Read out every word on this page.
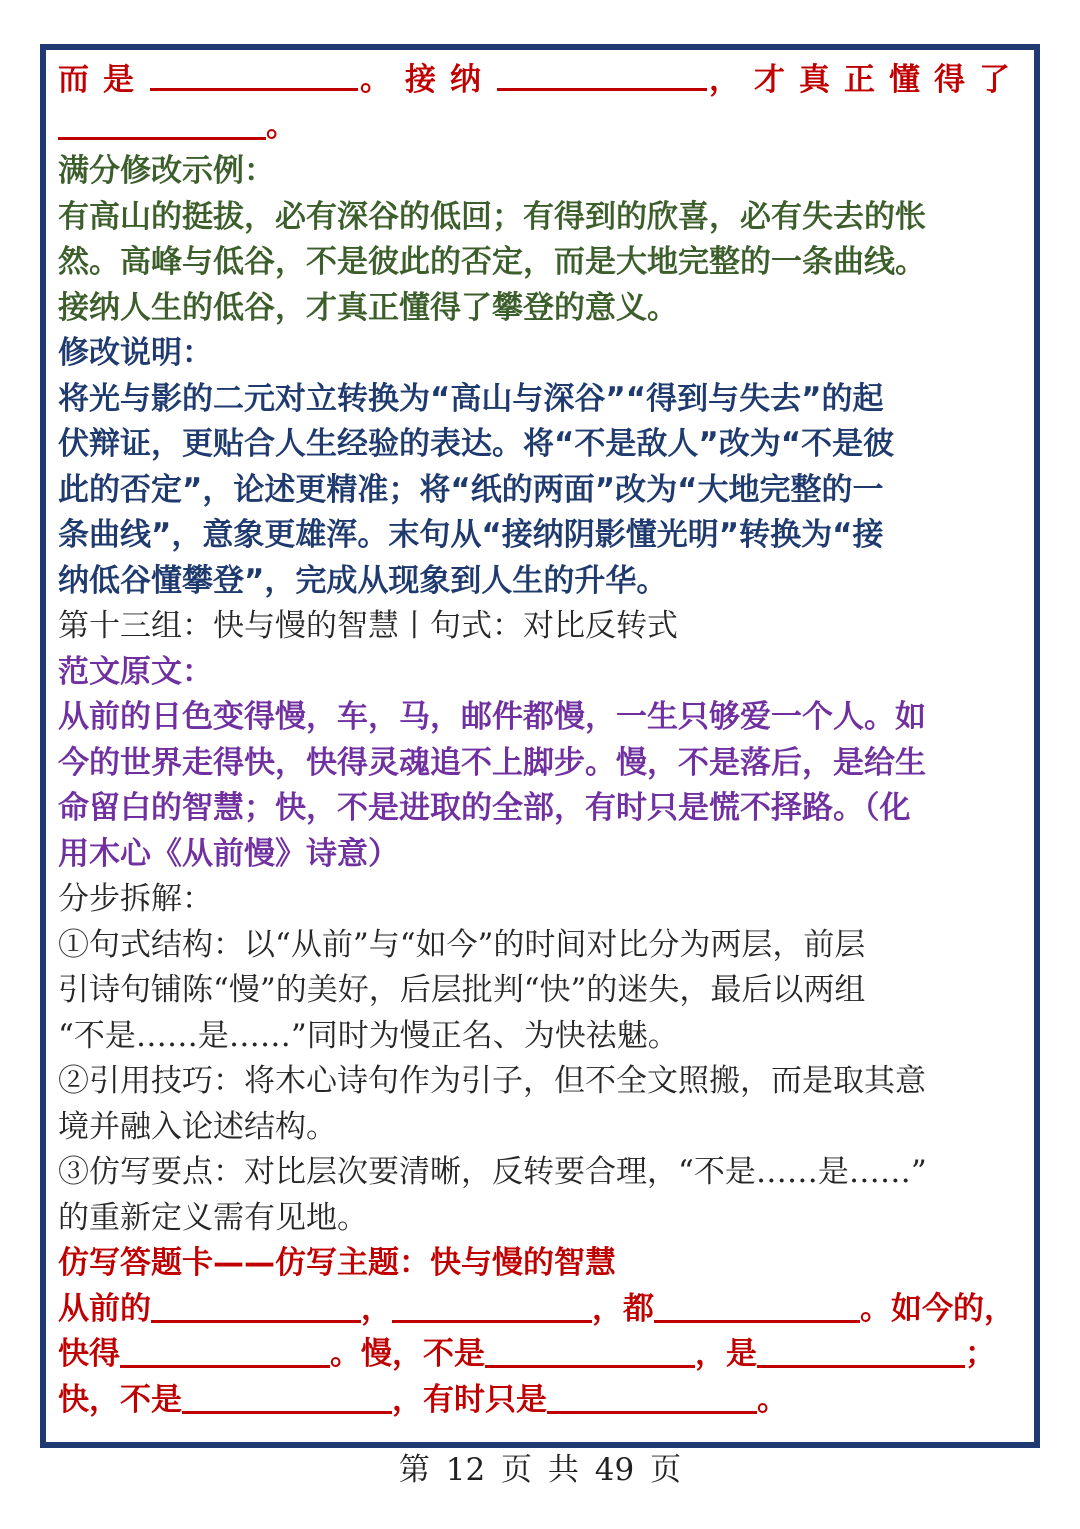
而是	。接纳	，才真正懂得了
。
满分修改示例：
有高山的挺拔，必有深谷的低回；有得到的欣喜，必有失去的怅
然。高峰与低谷，不是彼此的否定，而是大地完整的一条曲线。
接纳人生的低谷，才真正懂得了攀登的意义。
修改说明：
将光与影的二元对立转换为“高山与深谷”“得到与失去”的起
伏辩证，更贴合人生经验的表达。将“不是敌人”改为“不是彼
此的否定”，论述更精准；将“纸的两面”改为“大地完整的一
条曲线”，意象更雄浑。末句从“接纳阴影懂光明”转换为“接
纳低谷懂攀登”，完成从现象到人生的升华。
第十三组：快与慢的智慧丨句式：对比反转式
范文原文：
从前的日色变得慢，车，马，邮件都慢，一生只够爱一个人。如
今的世界走得快，快得灵魂追不上脚步。慢，不是落后，是给生
命留白的智慧；快，不是进取的全部，有时只是慌不择路。（化
用木心《从前慢》诗意）
分步拆解：
①句式结构：以“从前”与“如今”的时间对比分为两层，前层
引诗句铺陈“慢”的美好，后层批判“快”的迷失，最后以两组
“不是……是……”同时为慢正名、为快祛魅。
②引用技巧：将木心诗句作为引子，但不全文照搬，而是取其意
境并融入论述结构。
③仿写要点：对比层次要清晰，反转要合理，“不是……是……”
的重新定义需有见地。
仿写答题卡——仿写主题：快与慢的智慧
从前的	，	，都	。如今的，
快得	。慢，不是	，是	；
快，不是	，有时只是	。
第 12 页 共 49 页
